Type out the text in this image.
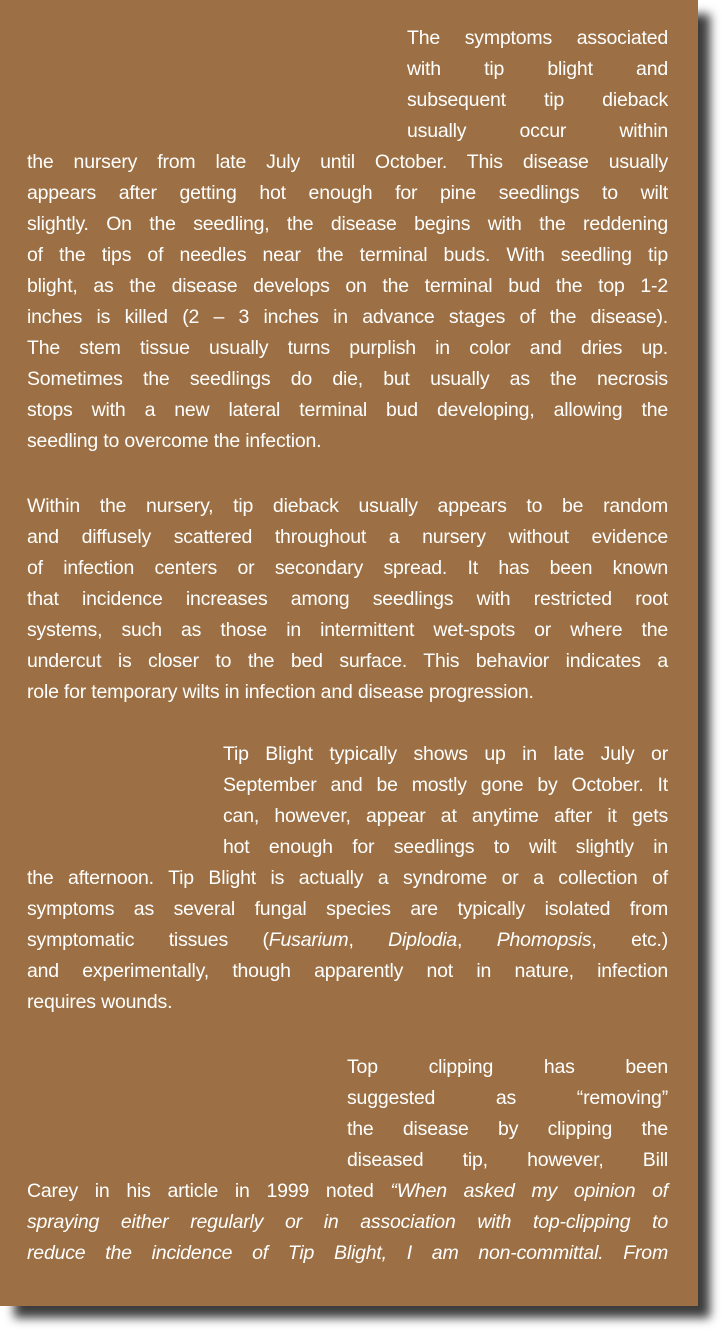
The symptoms associated
with tip blight and
subsequent tip dieback
usually occur within
the nursery from late July until October. This disease usually
appears after getting hot enough for pine seedlings to wilt
slightly. On the seedling, the disease begins with the reddening
of the tips of needles near the terminal buds. With seedling tip
blight, as the disease develops on the terminal bud the top 1-2
inches is killed (2 – 3 inches in advance stages of the disease).
The stem tissue usually turns purplish in color and dries up.
Sometimes the seedlings do die, but usually as the necrosis
stops with a new lateral terminal bud developing, allowing the
seedling to overcome the infection.
Within the nursery, tip dieback usually appears to be random
and diffusely scattered throughout a nursery without evidence
of infection centers or secondary spread. It has been known
that incidence increases among seedlings with restricted root
systems, such as those in intermittent wet-spots or where the
undercut is closer to the bed surface. This behavior indicates a
role for temporary wilts in infection and disease progression.
Tip Blight typically shows up in late July or
September and be mostly gone by October. It
can, however, appear at anytime after it gets
hot enough for seedlings to wilt slightly in
the afternoon. Tip Blight is actually a syndrome or a collection of
symptoms as several fungal species are typically isolated from
symptomatic tissues (Fusarium, Diplodia, Phomopsis, etc.)
and experimentally, though apparently not in nature, infection
requires wounds.
Top clipping has been
suggested as “removing”
the disease by clipping the
diseased tip, however, Bill
Carey in his article in 1999 noted “When asked my opinion of
spraying either regularly or in association with top-clipping to
reduce the incidence of Tip Blight, I am non-committal. From
